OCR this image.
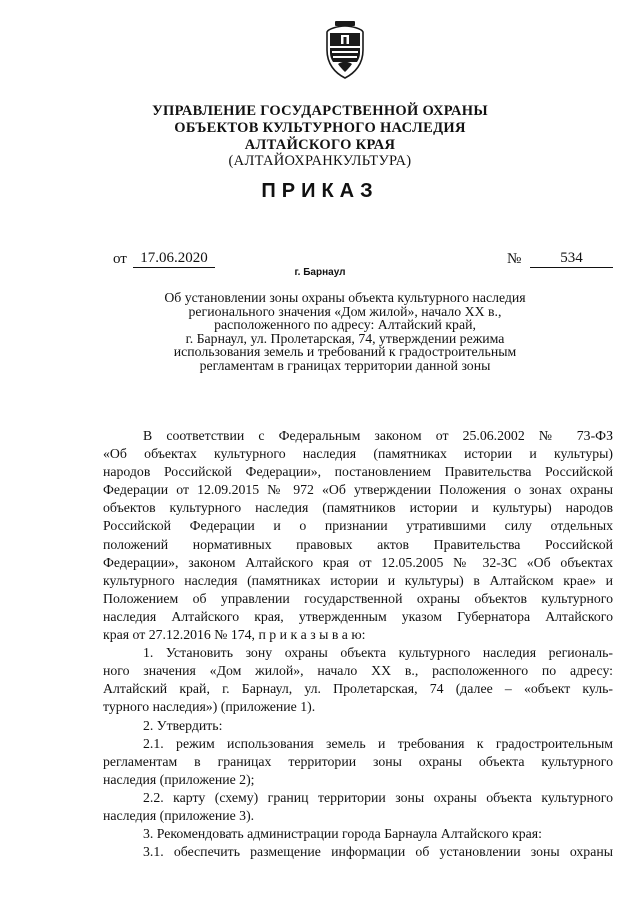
УПРАВЛЕНИЕ ГОСУДАРСТВЕННОЙ ОХРАНЫ
ОБЪЕКТОВ КУЛЬТУРНОГО НАСЛЕДИЯ
АЛТАЙСКОГО КРАЯ
(АЛТАЙОХРАНКУЛЬТУРА)
ПРИКАЗ
от 17.06.2020	№	534
г. Барнаул
Об установлении зоны охраны объекта культурного наследия
регионального значения «Дом жилой», начало XX в.,
расположенного по адресу: Алтайский край,
г. Барнаул, ул. Пролетарская, 74, утверждении режима
использования земель и требований к градостроительным
регламентам в границах территории данной зоны
В соответствии с Федеральным законом от 25.06.2002 № 73-ФЗ
«Об объектах культурного наследия (памятниках истории и культуры)
народов Российской Федерации», постановлением Правительства Российской
Федерации от 12.09.2015 № 972 «Об утверждении Положения о зонах охраны
объектов культурного наследия (памятников истории и культуры) народов
Российской Федерации и о признании утратившими силу отдельных
положений нормативных правовых актов Правительства Российской
Федерации», законом Алтайского края от 12.05.2005 № 32-ЗС «Об объектах
культурного наследия (памятниках истории и культуры) в Алтайском крае» и
Положением об управлении государственной охраны объектов культурного
наследия Алтайского края, утвержденным указом Губернатора Алтайского
края от 27.12.2016 № 174, п р и к а з ы в а ю:
1. Установить зону охраны объекта культурного наследия региональ-
ного значения «Дом жилой», начало XX в., расположенного по адресу:
Алтайский край, г. Барнаул, ул. Пролетарская, 74 (далее – «объект куль-
турного наследия») (приложение 1).
2. Утвердить:
2.1. режим использования земель и требования к градостроительным
регламентам в границах территории зоны охраны объекта культурного
наследия (приложение 2);
2.2. карту (схему) границ территории зоны охраны объекта культурного
наследия (приложение 3).
3. Рекомендовать администрации города Барнаула Алтайского края:
3.1. обеспечить размещение информации об установлении зоны охраны
